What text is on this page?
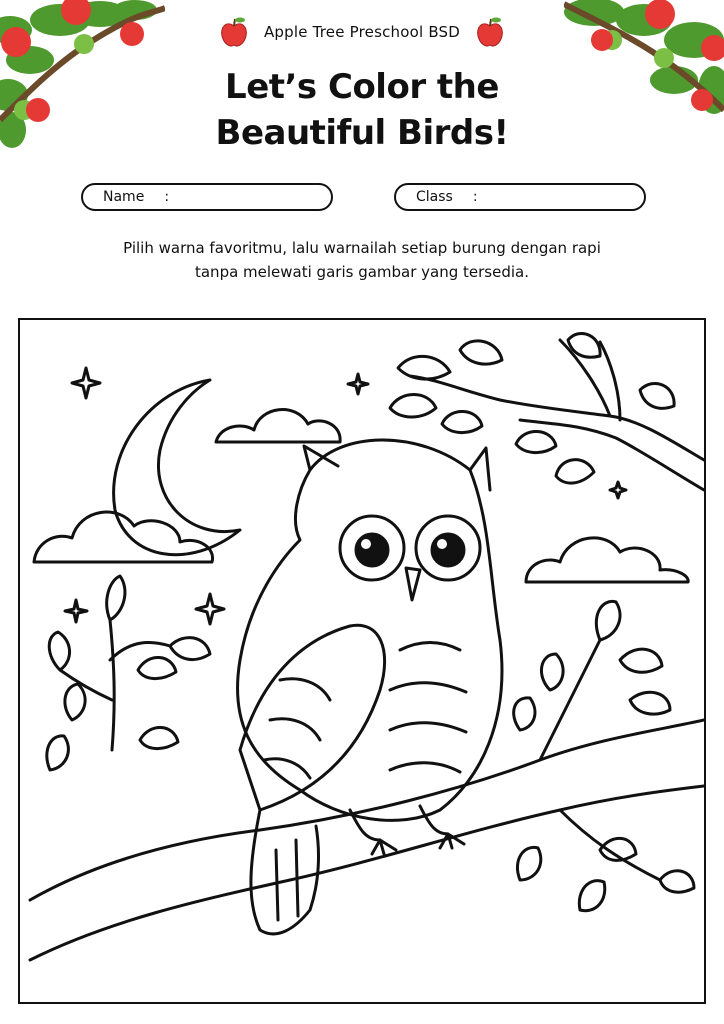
Apple Tree Preschool BSD
Let’s Color the
Beautiful Birds!
Name :	Class :
Pilih warna favoritmu, lalu warnailah setiap burung dengan rapi
tanpa melewati garis gambar yang tersedia.
